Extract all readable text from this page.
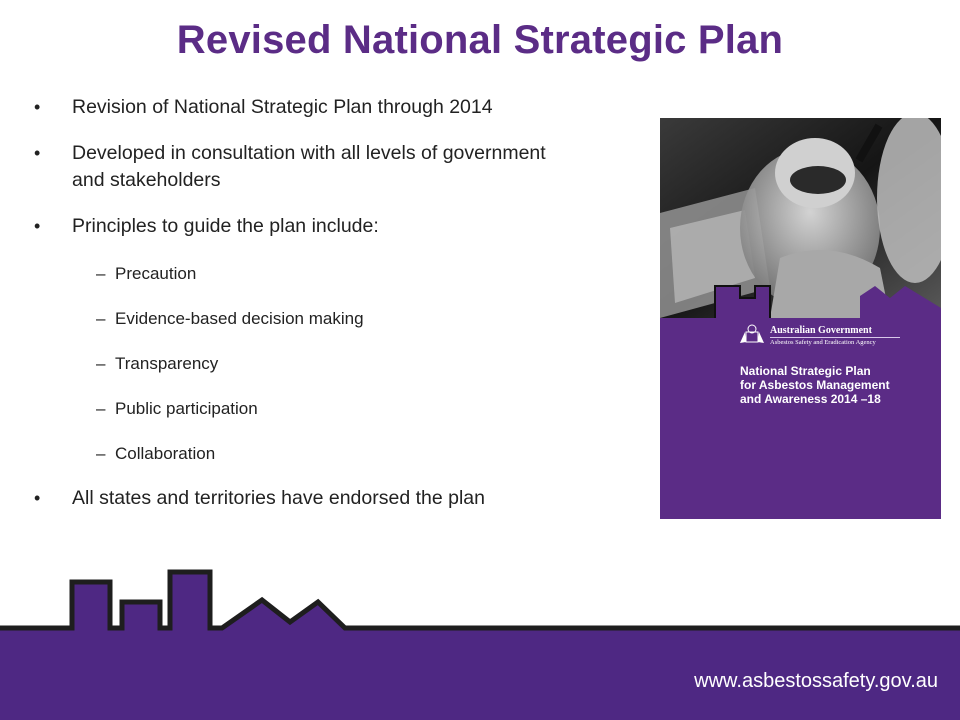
Revised National Strategic Plan
• Revision of National Strategic Plan through 2014
• Developed in consultation with all levels of government and stakeholders
• Principles to guide the plan include:
– Precaution
– Evidence-based decision making
– Transparency
– Public participation
– Collaboration
• All states and territories have endorsed the plan
Australian Government
Asbestos Safety and Eradication Agency
National Strategic Plan
for Asbestos Management
and Awareness 2014 –18
www.asbestossafety.gov.au
